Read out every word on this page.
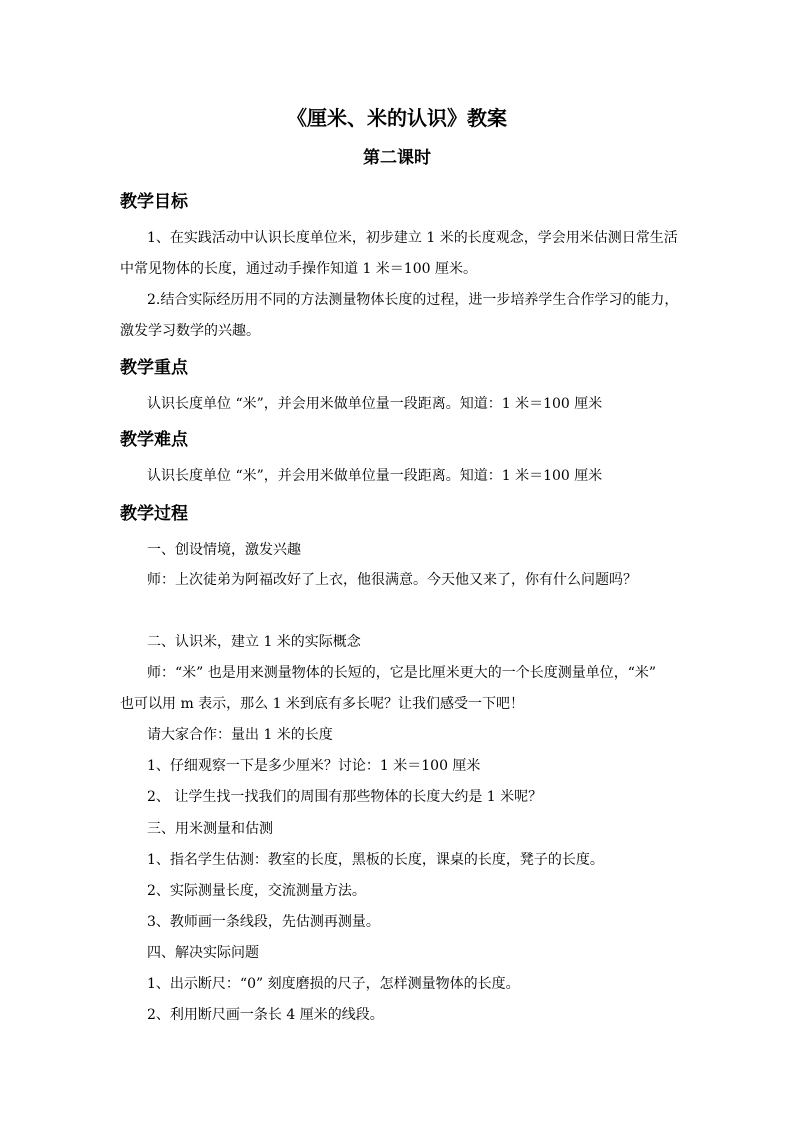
《厘米、米的认识》教案
第二课时
教学目标
1、在实践活动中认识长度单位米，初步建立 1 米的长度观念，学会用米估测日常生活
中常见物体的长度，通过动手操作知道 1 米＝100 厘米。
2.结合实际经历用不同的方法测量物体长度的过程，进一步培养学生合作学习的能力，
激发学习数学的兴趣。
教学重点
认识长度单位 “米”，并会用米做单位量一段距离。知道：1 米＝100 厘米
教学难点
认识长度单位 “米”，并会用米做单位量一段距离。知道：1 米＝100 厘米
教学过程
一、创设情境，激发兴趣
师：上次徒弟为阿福改好了上衣，他很满意。今天他又来了，你有什么问题吗？
二、认识米，建立 1 米的实际概念
师：“米” 也是用来测量物体的长短的，它是比厘米更大的一个长度测量单位，“米”
也可以用 m 表示，那么 1 米到底有多长呢？让我们感受一下吧！
请大家合作：量出 1 米的长度
1、仔细观察一下是多少厘米？讨论：1 米＝100 厘米
2、 让学生找一找我们的周围有那些物体的长度大约是 1 米呢？
三、用米测量和估测
1、指名学生估测：教室的长度，黑板的长度，课桌的长度，凳子的长度。
2、实际测量长度，交流测量方法。
3、教师画一条线段，先估测再测量。
四、解决实际问题
1、出示断尺：“0” 刻度磨损的尺子，怎样测量物体的长度。
2、利用断尺画一条长 4 厘米的线段。
